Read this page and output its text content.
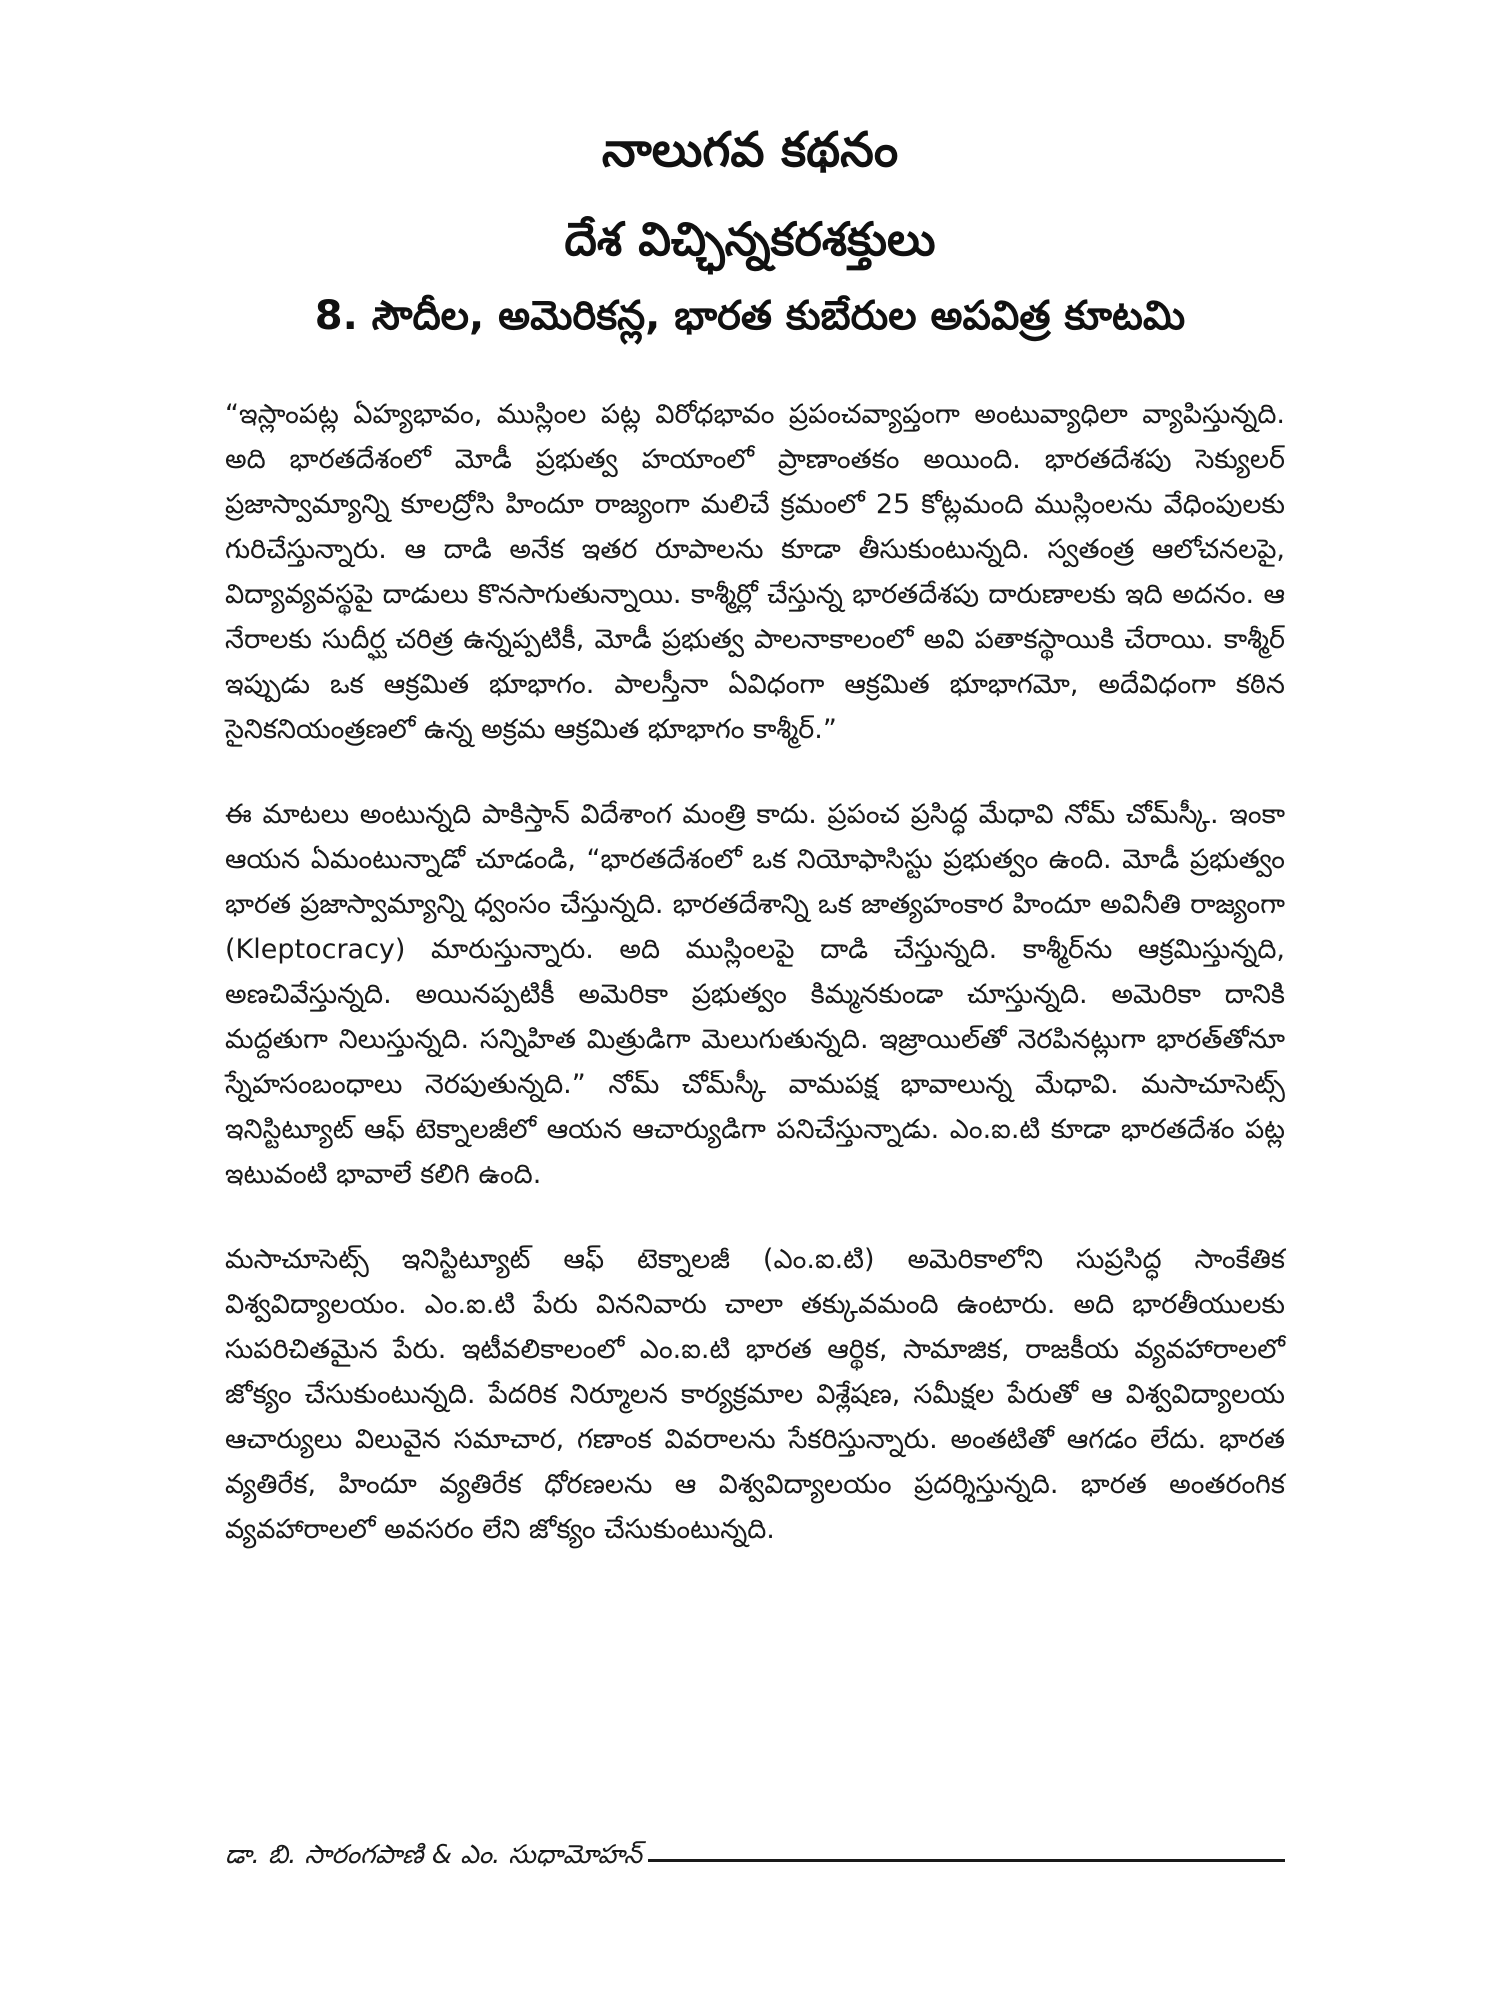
నాలుగవ కథనం
దేశ విచ్ఛిన్నకరశక్తులు
8. సౌదీల, అమెరికన్ల, భారత కుబేరుల అపవిత్ర కూటమి

“ఇస్లాంపట్ల ఏహ్యభావం, ముస్లింల పట్ల విరోధభావం ప్రపంచవ్యాప్తంగా అంటువ్యాధిలా వ్యాపిస్తున్నది. అది భారతదేశంలో మోడీ ప్రభుత్వ హయాంలో ప్రాణాంతకం అయింది. భారతదేశపు సెక్యులర్ ప్రజాస్వామ్యాన్ని కూలద్రోసి హిందూ రాజ్యంగా మలిచే క్రమంలో 25 కోట్లమంది ముస్లింలను వేధింపులకు గురిచేస్తున్నారు. ఆ దాడి అనేక ఇతర రూపాలను కూడా తీసుకుంటున్నది. స్వతంత్ర ఆలోచనలపై, విద్యావ్యవస్థపై దాడులు కొనసాగుతున్నాయి. కాశ్మీర్లో చేస్తున్న భారతదేశపు దారుణాలకు ఇది అదనం. ఆ నేరాలకు సుదీర్ఘ చరిత్ర ఉన్నప్పటికీ, మోడీ ప్రభుత్వ పాలనాకాలంలో అవి పతాకస్థాయికి చేరాయి. కాశ్మీర్ ఇప్పుడు ఒక ఆక్రమిత భూభాగం. పాలస్తీనా ఏవిధంగా ఆక్రమిత భూభాగమో, అదేవిధంగా కఠిన సైనికనియంత్రణలో ఉన్న అక్రమ ఆక్రమిత భూభాగం కాశ్మీర్.”

ఈ మాటలు అంటున్నది పాకిస్తాన్ విదేశాంగ మంత్రి కాదు. ప్రపంచ ప్రసిద్ధ మేధావి నోమ్ చోమ్‌స్కీ. ఇంకా ఆయన ఏమంటున్నాడో చూడండి, “భారతదేశంలో ఒక నియోఫాసిస్టు ప్రభుత్వం ఉంది. మోడీ ప్రభుత్వం భారత ప్రజాస్వామ్యాన్ని ధ్వంసం చేస్తున్నది. భారతదేశాన్ని ఒక జాత్యహంకార హిందూ అవినీతి రాజ్యంగా (Kleptocracy) మారుస్తున్నారు. అది ముస్లింలపై దాడి చేస్తున్నది. కాశ్మీర్‌ను ఆక్రమిస్తున్నది, అణచివేస్తున్నది. అయినప్పటికీ అమెరికా ప్రభుత్వం కిమ్మనకుండా చూస్తున్నది. అమెరికా దానికి మద్దతుగా నిలుస్తున్నది. సన్నిహిత మిత్రుడిగా మెలుగుతున్నది. ఇజ్రాయిల్‌తో నెరపినట్లుగా భారత్‌తోనూ స్నేహసంబంధాలు నెరపుతున్నది.” నోమ్ చోమ్‌స్కీ వామపక్ష భావాలున్న మేధావి. మసాచూసెట్స్ ఇనిస్టిట్యూట్ ఆఫ్ టెక్నాలజీలో ఆయన ఆచార్యుడిగా పనిచేస్తున్నాడు. ఎం.ఐ.టి కూడా భారతదేశం పట్ల ఇటువంటి భావాలే కలిగి ఉంది.

మసాచూసెట్స్ ఇనిస్టిట్యూట్ ఆఫ్ టెక్నాలజీ (ఎం.ఐ.టి) అమెరికాలోని సుప్రసిద్ధ సాంకేతిక విశ్వవిద్యాలయం. ఎం.ఐ.టి పేరు విననివారు చాలా తక్కువమంది ఉంటారు. అది భారతీయులకు సుపరిచితమైన పేరు. ఇటీవలికాలంలో ఎం.ఐ.టి భారత ఆర్థిక, సామాజిక, రాజకీయ వ్యవహారాలలో జోక్యం చేసుకుంటున్నది. పేదరిక నిర్మూలన కార్యక్రమాల విశ్లేషణ, సమీక్షల పేరుతో ఆ విశ్వవిద్యాలయ ఆచార్యులు విలువైన సమాచార, గణాంక వివరాలను సేకరిస్తున్నారు. అంతటితో ఆగడం లేదు. భారత వ్యతిరేక, హిందూ వ్యతిరేక ధోరణలను ఆ విశ్వవిద్యాలయం ప్రదర్శిస్తున్నది. భారత అంతరంగిక వ్యవహారాలలో అవసరం లేని జోక్యం చేసుకుంటున్నది.

డా. బి. సారంగపాణి & ఎం. సుధామోహన్
